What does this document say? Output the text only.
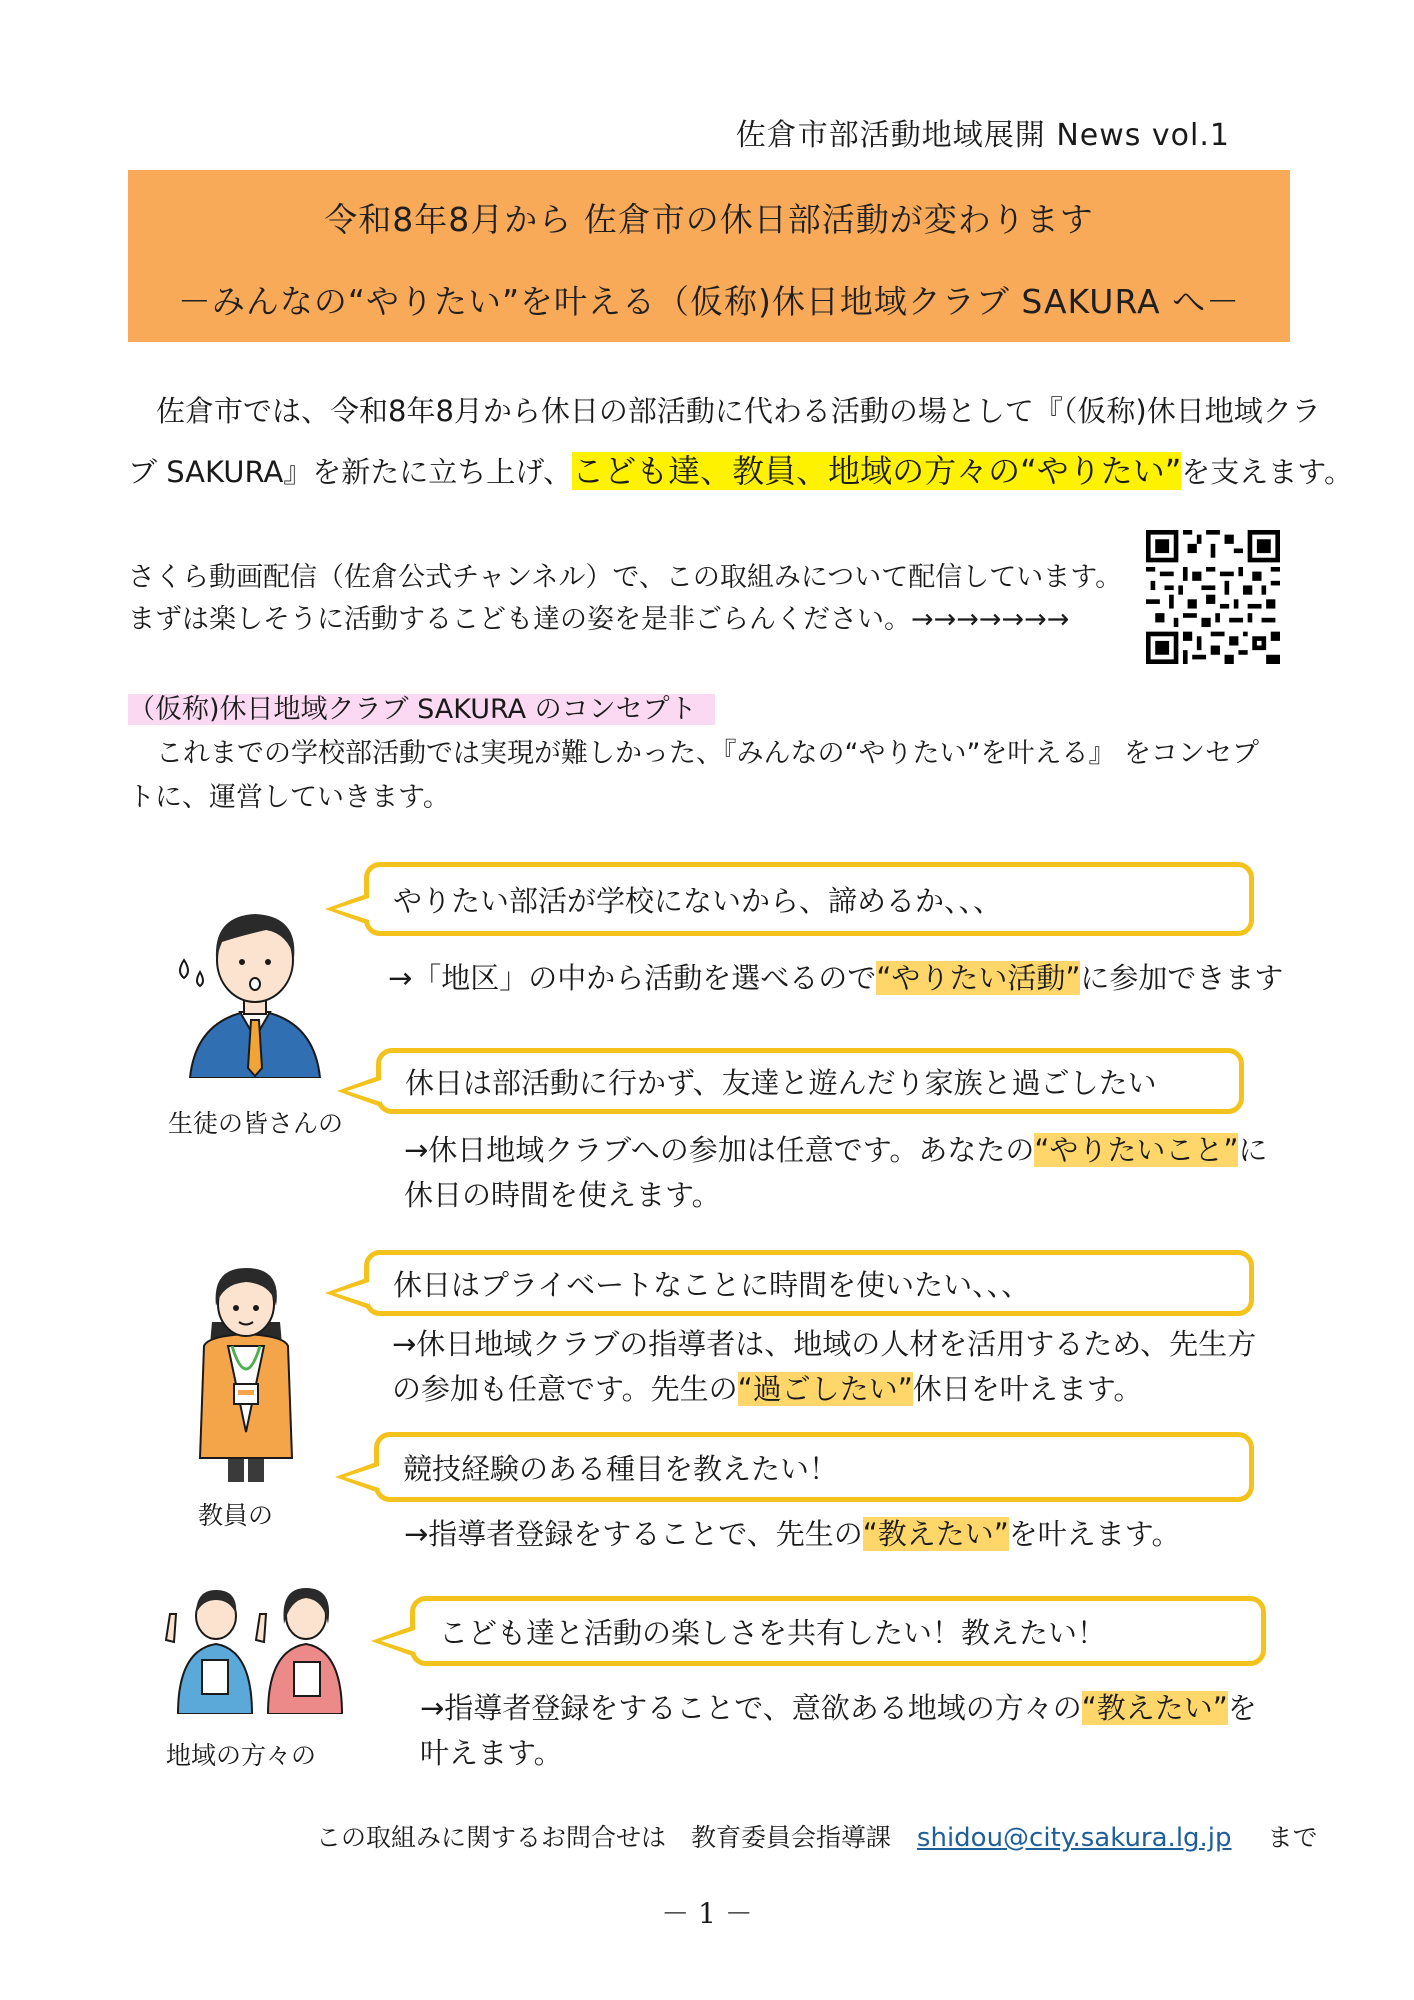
佐倉市部活動地域展開 News vol.1
令和8年8月から 佐倉市の休日部活動が変わります
－みんなの“やりたい”を叶える（仮称)休日地域クラブ SAKURA へ－
佐倉市では、令和8年8月から休日の部活動に代わる活動の場として『（仮称)休日地域クラ
ブ SAKURA』を新たに立ち上げ、こども達、教員、地域の方々の“やりたい”を支えます。
さくら動画配信（佐倉公式チャンネル）で、この取組みについて配信しています。
まずは楽しそうに活動するこども達の姿を是非ごらんください。→→→→→→→
（仮称)休日地域クラブ SAKURA のコンセプト
これまでの学校部活動では実現が難しかった、『みんなの“やりたい”を叶える』 をコンセプ
トに、運営していきます。
生徒の皆さんの
やりたい部活が学校にないから、諦めるか、、、
→「地区」の中から活動を選べるので“やりたい活動”に参加できます
休日は部活動に行かず、友達と遊んだり家族と過ごしたい
→休日地域クラブへの参加は任意です。あなたの“やりたいこと”に
休日の時間を使えます。
教員の
休日はプライベートなことに時間を使いたい、、、
→休日地域クラブの指導者は、地域の人材を活用するため、先生方
の参加も任意です。先生の“過ごしたい”休日を叶えます。
競技経験のある種目を教えたい！
→指導者登録をすることで、先生の“教えたい”を叶えます。
地域の方々の
こども達と活動の楽しさを共有したい！教えたい！
→指導者登録をすることで、意欲ある地域の方々の“教えたい”を
叶えます。
この取組みに関するお問合せは　教育委員会指導課 shidou@city.sakura.lg.jp まで
－ 1 －
